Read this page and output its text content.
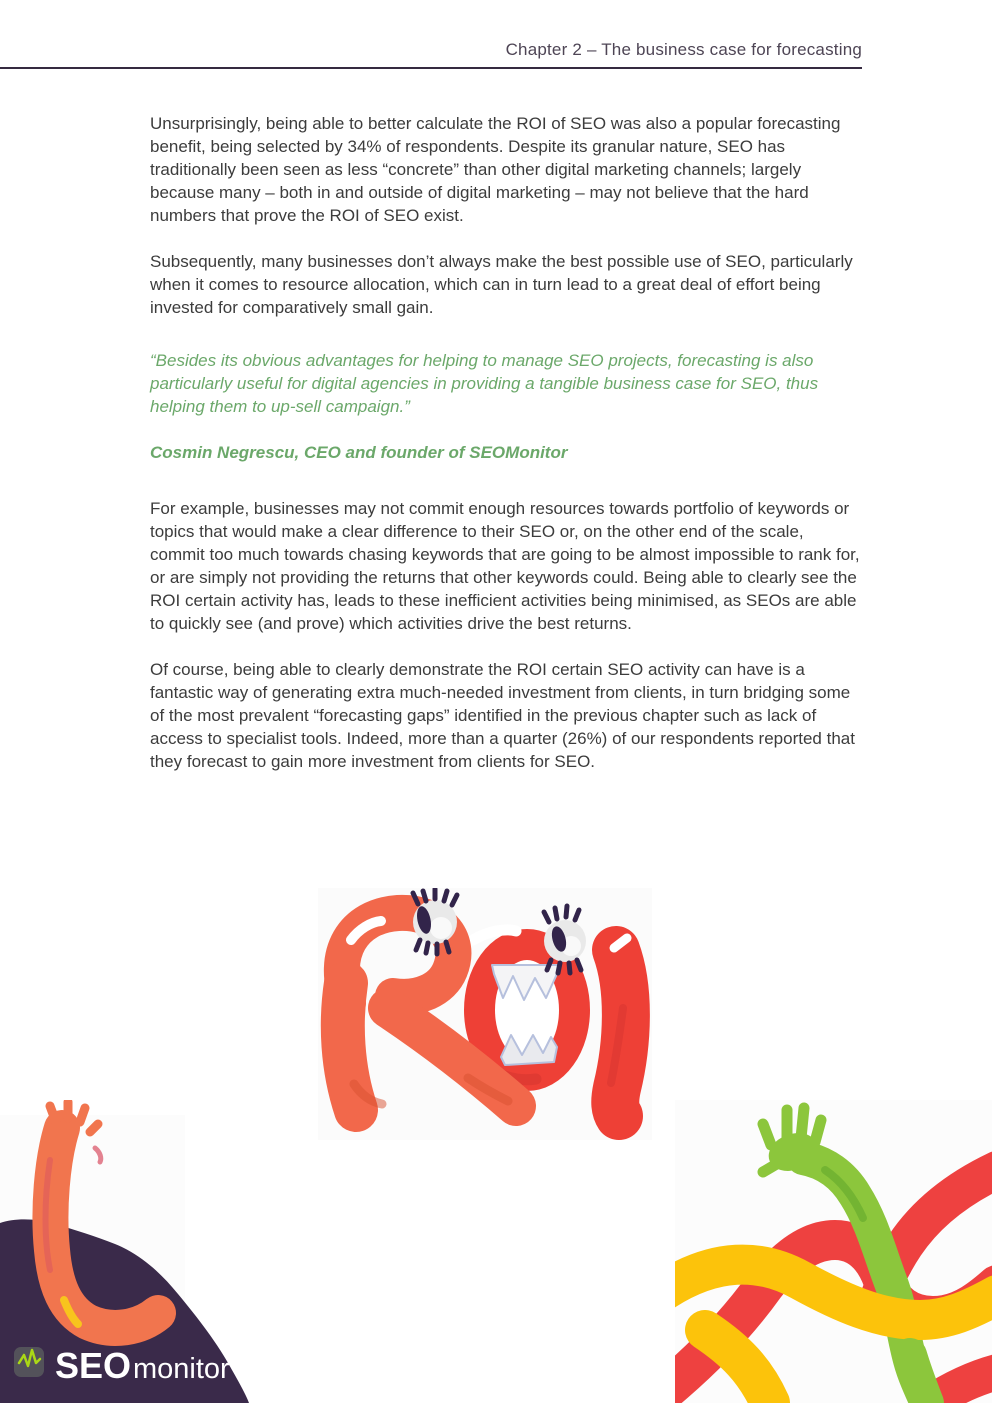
Chapter 2 – The business case for forecasting

Unsurprisingly, being able to better calculate the ROI of SEO was also a popular forecasting benefit, being selected by 34% of respondents. Despite its granular nature, SEO has traditionally been seen as less “concrete” than other digital marketing channels; largely because many – both in and outside of digital marketing – may not believe that the hard numbers that prove the ROI of SEO exist.

Subsequently, many businesses don’t always make the best possible use of SEO, particularly when it comes to resource allocation, which can in turn lead to a great deal of effort being invested for comparatively small gain.

“Besides its obvious advantages for helping to manage SEO projects, forecasting is also particularly useful for digital agencies in providing a tangible business case for SEO, thus helping them to up-sell campaign.”

Cosmin Negrescu, CEO and founder of SEOMonitor

For example, businesses may not commit enough resources towards portfolio of keywords or topics that would make a clear difference to their SEO or, on the other end of the scale, commit too much towards chasing keywords that are going to be almost impossible to rank for, or are simply not providing the returns that other keywords could. Being able to clearly see the ROI certain activity has, leads to these inefficient activities being minimised, as SEOs are able to quickly see (and prove) which activities drive the best returns.

Of course, being able to clearly demonstrate the ROI certain SEO activity can have is a fantastic way of generating extra much-needed investment from clients, in turn bridging some of the most prevalent “forecasting gaps” identified in the previous chapter such as lack of access to specialist tools. Indeed, more than a quarter (26%) of our respondents reported that they forecast to gain more investment from clients for SEO.

SEO monitor
